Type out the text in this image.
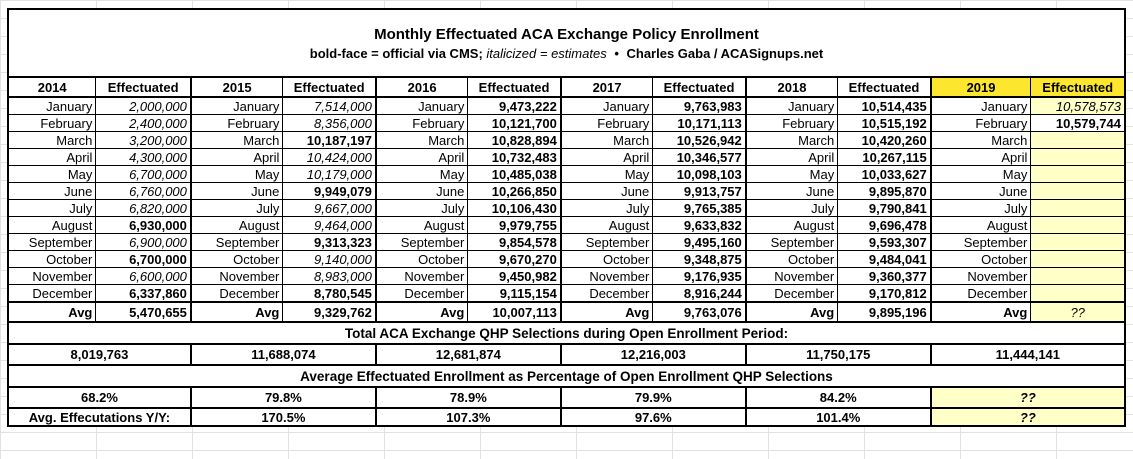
Monthly Effectuated ACA Exchange Policy Enrollment
bold-face = official via CMS; italicized = estimates • Charles Gaba / ACASignups.net											

2014	Effectuated	2015	Effectuated	2016	Effectuated	2017	Effectuated	2018	Effectuated	2019	Effectuated
January	2,000,000	January	7,514,000	January	9,473,222	January	9,763,983	January	10,514,435	January	10,578,573
February	2,400,000	February	8,356,000	February	10,121,700	February	10,171,113	February	10,515,192	February	10,579,744
March	3,200,000	March	10,187,197	March	10,828,894	March	10,526,942	March	10,420,260	March	
April	4,300,000	April	10,424,000	April	10,732,483	April	10,346,577	April	10,267,115	April	
May	6,700,000	May	10,179,000	May	10,485,038	May	10,098,103	May	10,033,627	May	
June	6,760,000	June	9,949,079	June	10,266,850	June	9,913,757	June	9,895,870	June	
July	6,820,000	July	9,667,000	July	10,106,430	July	9,765,385	July	9,790,841	July	
August	6,930,000	August	9,464,000	August	9,979,755	August	9,633,832	August	9,696,478	August	
September	6,900,000	September	9,313,323	September	9,854,578	September	9,495,160	September	9,593,307	September	
October	6,700,000	October	9,140,000	October	9,670,270	October	9,348,875	October	9,484,041	October	
November	6,600,000	November	8,983,000	November	9,450,982	November	9,176,935	November	9,360,377	November	
December	6,337,860	December	8,780,545	December	9,115,154	December	8,916,244	December	9,170,812	December	
Avg	5,470,655	Avg	9,329,762	Avg	10,007,113	Avg	9,763,076	Avg	9,895,196	Avg	??
Total ACA Exchange QHP Selections during Open Enrollment Period:											
8,019,763		11,688,074		12,681,874		12,216,003		11,750,175		11,444,141	
Average Effectuated Enrollment as Percentage of Open Enrollment QHP Selections											
68.2%		79.8%		78.9%		79.9%		84.2%		??	
Avg. Effecutations Y/Y:		170.5%		107.3%		97.6%		101.4%		??	
